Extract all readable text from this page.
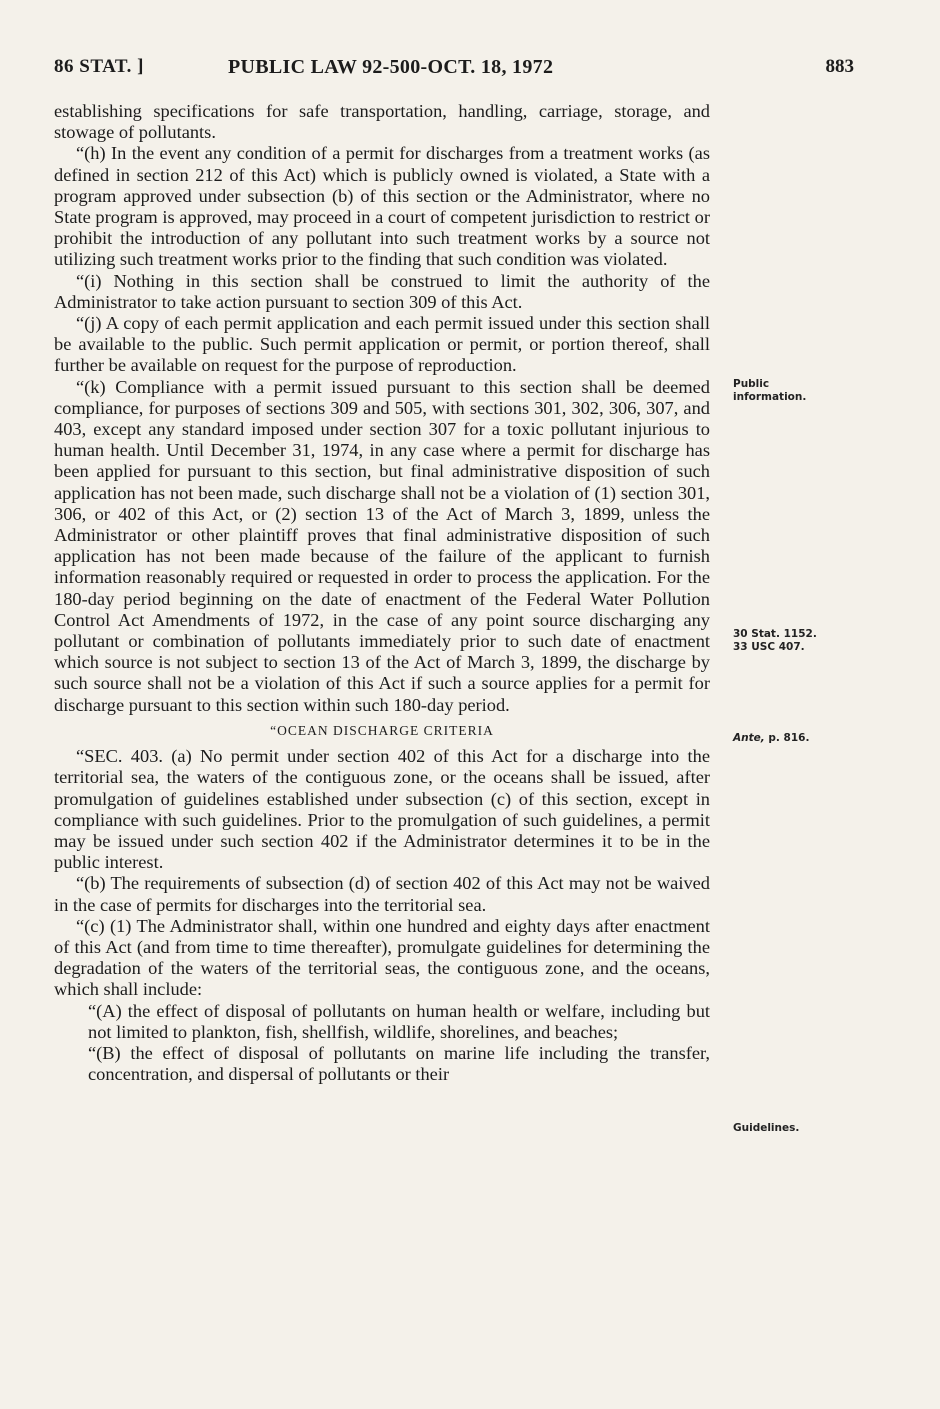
86 STAT. ]	PUBLIC LAW 92-500-OCT. 18, 1972	883

establishing specifications for safe transportation, handling, carriage, storage, and stowage of pollutants.

“(h) In the event any condition of a permit for discharges from a treatment works (as defined in section 212 of this Act) which is publicly owned is violated, a State with a program approved under subsection (b) of this section or the Administrator, where no State program is approved, may proceed in a court of competent jurisdiction to restrict or prohibit the introduction of any pollutant into such treatment works by a source not utilizing such treatment works prior to the finding that such condition was violated.

“(i) Nothing in this section shall be construed to limit the authority of the Administrator to take action pursuant to section 309 of this Act.

“(j) A copy of each permit application and each permit issued under this section shall be available to the public. Such permit application or permit, or portion thereof, shall further be available on request for the purpose of reproduction.

“(k) Compliance with a permit issued pursuant to this section shall be deemed compliance, for purposes of sections 309 and 505, with sections 301, 302, 306, 307, and 403, except any standard imposed under section 307 for a toxic pollutant injurious to human health. Until December 31, 1974, in any case where a permit for discharge has been applied for pursuant to this section, but final administrative disposition of such application has not been made, such discharge shall not be a violation of (1) section 301, 306, or 402 of this Act, or (2) section 13 of the Act of March 3, 1899, unless the Administrator or other plaintiff proves that final administrative disposition of such application has not been made because of the failure of the applicant to furnish information reasonably required or requested in order to process the application. For the 180-day period beginning on the date of enactment of the Federal Water Pollution Control Act Amendments of 1972, in the case of any point source discharging any pollutant or combination of pollutants immediately prior to such date of enactment which source is not subject to section 13 of the Act of March 3, 1899, the discharge by such source shall not be a violation of this Act if such a source applies for a permit for discharge pursuant to this section within such 180-day period.

“OCEAN DISCHARGE CRITERIA

“SEC. 403. (a) No permit under section 402 of this Act for a discharge into the territorial sea, the waters of the contiguous zone, or the oceans shall be issued, after promulgation of guidelines established under subsection (c) of this section, except in compliance with such guidelines. Prior to the promulgation of such guidelines, a permit may be issued under such section 402 if the Administrator determines it to be in the public interest.

“(b) The requirements of subsection (d) of section 402 of this Act may not be waived in the case of permits for discharges into the territorial sea.

“(c) (1) The Administrator shall, within one hundred and eighty days after enactment of this Act (and from time to time thereafter), promulgate guidelines for determining the degradation of the waters of the territorial seas, the contiguous zone, and the oceans, which shall include:

“(A) the effect of disposal of pollutants on human health or welfare, including but not limited to plankton, fish, shellfish, wildlife, shorelines, and beaches;

“(B) the effect of disposal of pollutants on marine life including the transfer, concentration, and dispersal of pollutants or their

Public information.
30 Stat. 1152.
33 USC 407.
Ante, p. 816.
Guidelines.
